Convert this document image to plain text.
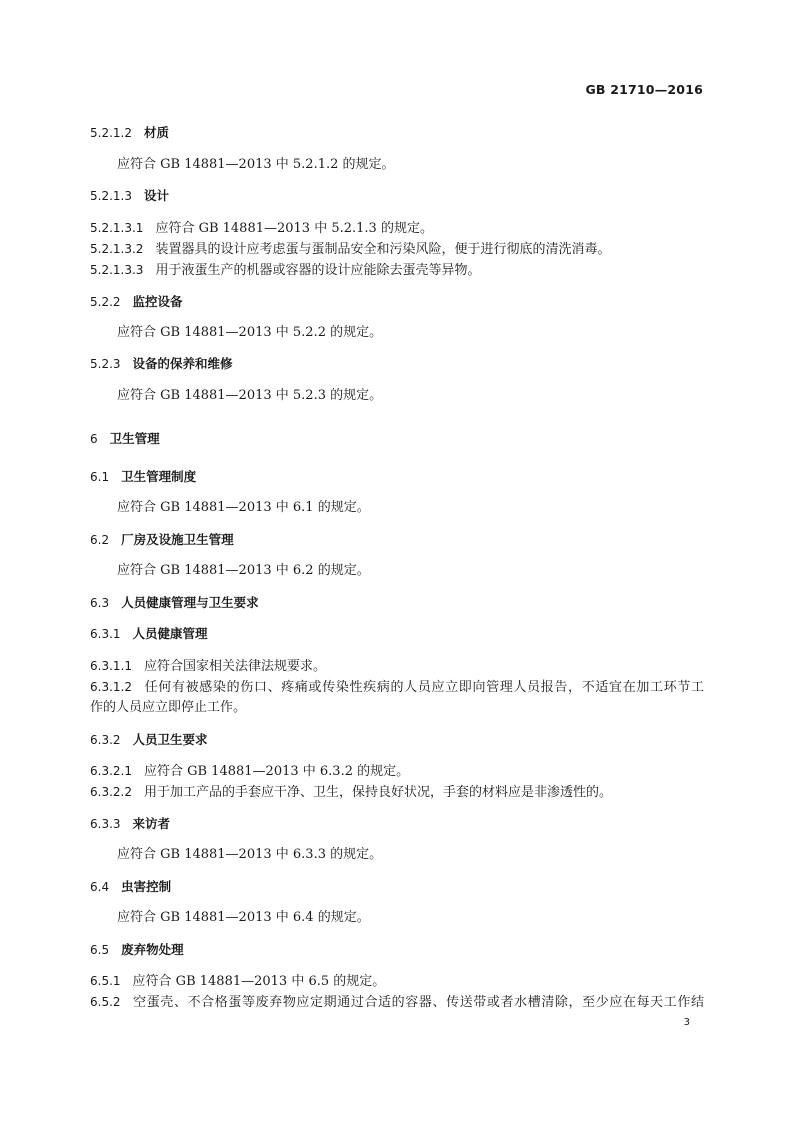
GB 21710—2016
5.2.1.2 材质
应符合 GB 14881—2013 中 5.2.1.2 的规定。
5.2.1.3 设计
5.2.1.3.1 应符合 GB 14881—2013 中 5.2.1.3 的规定。
5.2.1.3.2 装置器具的设计应考虑蛋与蛋制品安全和污染风险，便于进行彻底的清洗消毒。
5.2.1.3.3 用于液蛋生产的机器或容器的设计应能除去蛋壳等异物。
5.2.2 监控设备
应符合 GB 14881—2013 中 5.2.2 的规定。
5.2.3 设备的保养和维修
应符合 GB 14881—2013 中 5.2.3 的规定。
6 卫生管理
6.1 卫生管理制度
应符合 GB 14881—2013 中 6.1 的规定。
6.2 厂房及设施卫生管理
应符合 GB 14881—2013 中 6.2 的规定。
6.3 人员健康管理与卫生要求
6.3.1 人员健康管理
6.3.1.1 应符合国家相关法律法规要求。
6.3.1.2 任何有被感染的伤口、疼痛或传染性疾病的人员应立即向管理人员报告，不适宜在加工环节工
作的人员应立即停止工作。
6.3.2 人员卫生要求
6.3.2.1 应符合 GB 14881—2013 中 6.3.2 的规定。
6.3.2.2 用于加工产品的手套应干净、卫生，保持良好状况，手套的材料应是非渗透性的。
6.3.3 来访者
应符合 GB 14881—2013 中 6.3.3 的规定。
6.4 虫害控制
应符合 GB 14881—2013 中 6.4 的规定。
6.5 废弃物处理
6.5.1 应符合 GB 14881—2013 中 6.5 的规定。
6.5.2 空蛋壳、不合格蛋等废弃物应定期通过合适的容器、传送带或者水槽清除，至少应在每天工作结
3
